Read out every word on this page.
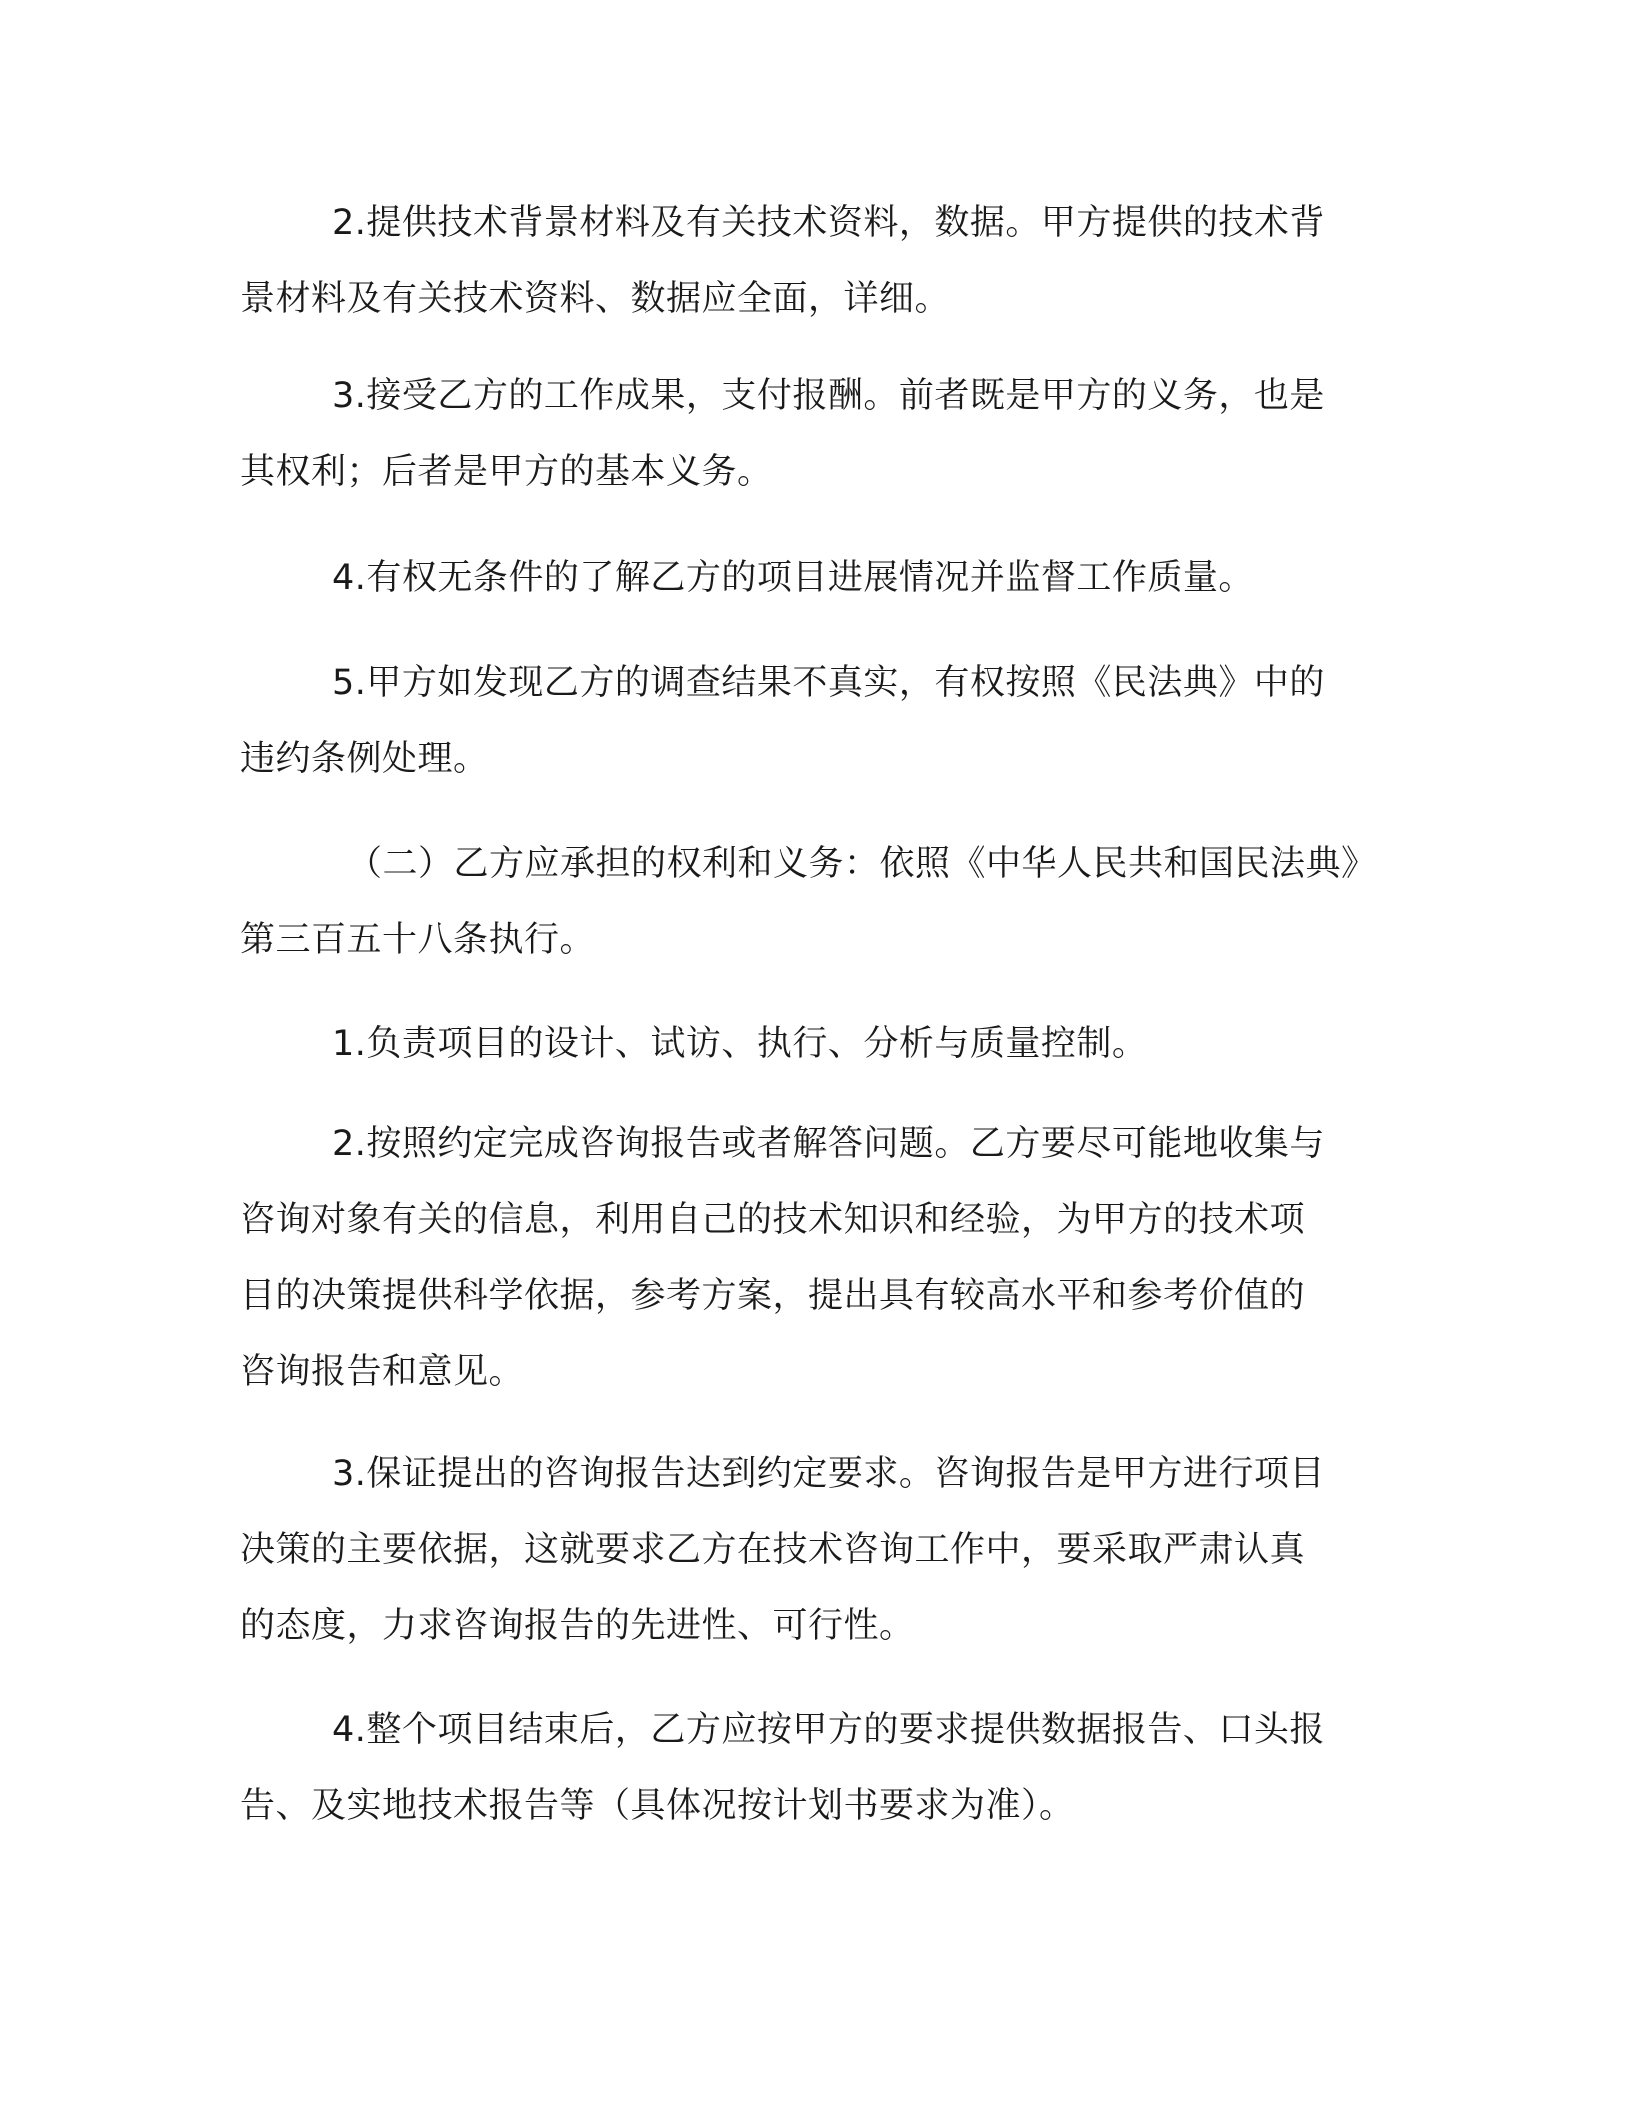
2.提供技术背景材料及有关技术资料，数据。甲方提供的技术背
景材料及有关技术资料、数据应全面，详细。

3.接受乙方的工作成果，支付报酬。前者既是甲方的义务，也是
其权利；后者是甲方的基本义务。

4.有权无条件的了解乙方的项目进展情况并监督工作质量。

5.甲方如发现乙方的调查结果不真实，有权按照《民法典》中的
违约条例处理。

（二）乙方应承担的权利和义务：依照《中华人民共和国民法典》
第三百五十八条执行。

1.负责项目的设计、试访、执行、分析与质量控制。

2.按照约定完成咨询报告或者解答问题。乙方要尽可能地收集与
咨询对象有关的信息，利用自己的技术知识和经验，为甲方的技术项
目的决策提供科学依据，参考方案，提出具有较高水平和参考价值的
咨询报告和意见。

3.保证提出的咨询报告达到约定要求。咨询报告是甲方进行项目
决策的主要依据，这就要求乙方在技术咨询工作中，要采取严肃认真
的态度，力求咨询报告的先进性、可行性。

4.整个项目结束后，乙方应按甲方的要求提供数据报告、口头报
告、及实地技术报告等（具体况按计划书要求为准）。
